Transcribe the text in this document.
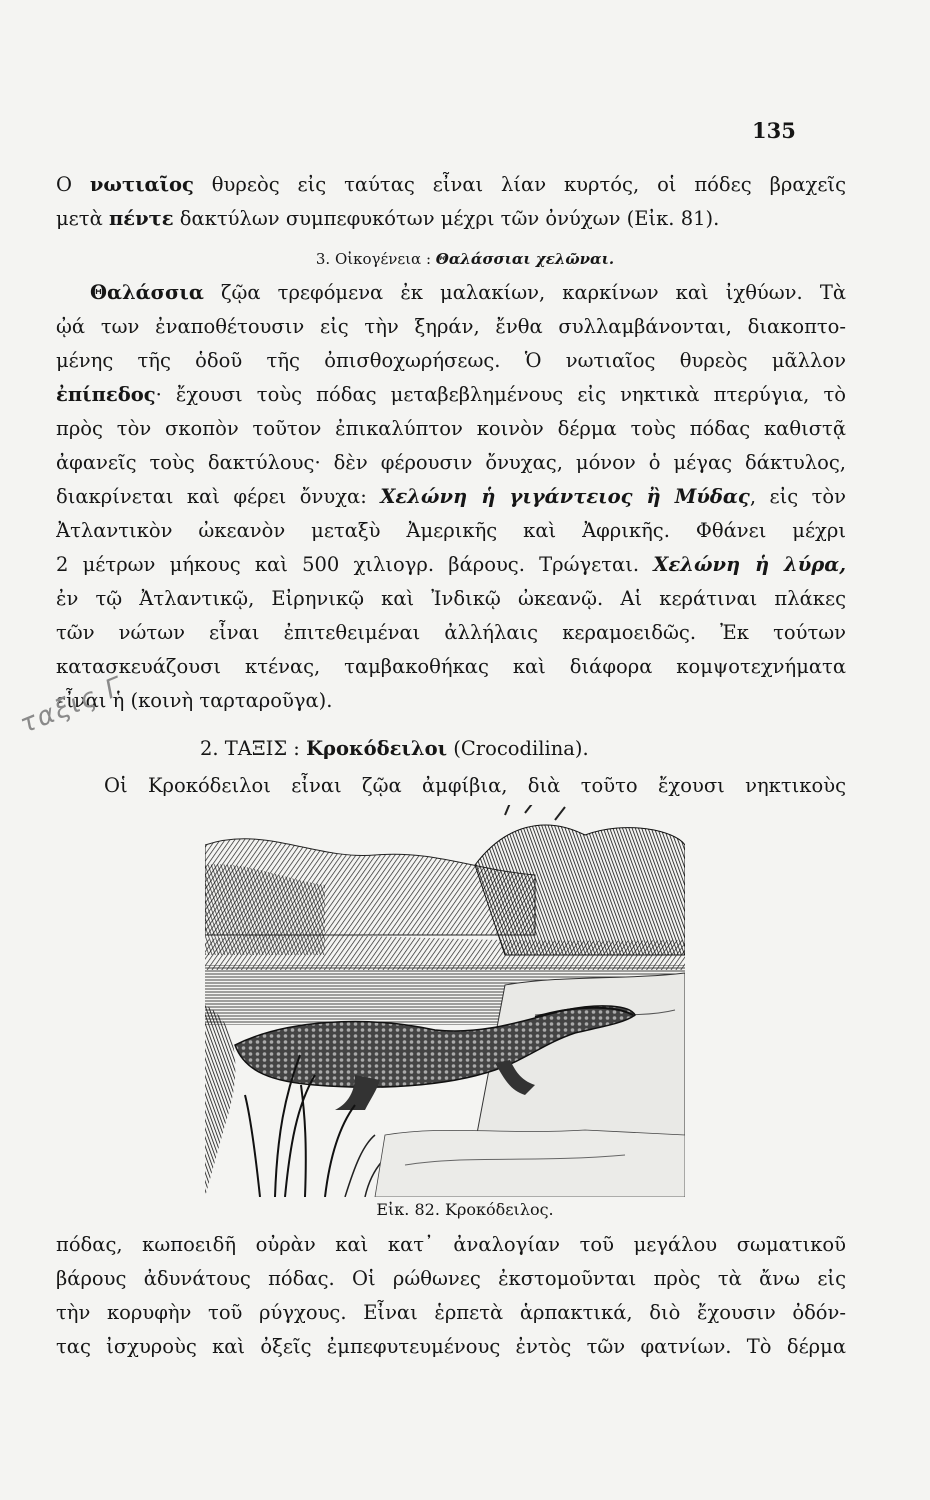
135
Ο νωτιαῖος θυρεὸς εἰς ταύτας εἶναι λίαν κυρτός, οἱ πόδες βραχεῖς
μετὰ πέντε δακτύλων συμπεφυκότων μέχρι τῶν ὀνύχων (Εἰκ. 81).
3. Οἰκογένεια : Θαλάσσιαι χελῶναι.
Θαλάσσια ζῷα τρεφόμενα ἐκ μαλακίων, καρκίνων καὶ ἰχθύων. Τὰ
ᾠά των ἐναποθέτουσιν εἰς τὴν ξηράν, ἔνθα συλλαμβάνονται, διακοπτο-
μένης τῆς ὁδοῦ τῆς ὀπισθοχωρήσεως. Ὁ νωτιαῖος θυρεὸς μᾶλλον
ἐπίπεδος· ἔχουσι τοὺς πόδας μεταβεβλημένους εἰς νηκτικὰ πτερύγια, τὸ
πρὸς τὸν σκοπὸν τοῦτον ἐπικαλύπτον κοινὸν δέρμα τοὺς πόδας καθιστᾷ
ἀφανεῖς τοὺς δακτύλους· δὲν φέρουσιν ὄνυχας, μόνον ὁ μέγας δάκτυλος,
διακρίνεται καὶ φέρει ὄνυχα: Χελώνη ἡ γιγάντειος ἢ Μύδας, εἰς τὸν
Ἀτλαντικὸν ὠκεανὸν μεταξὺ Ἀμερικῆς καὶ Ἀφρικῆς. Φθάνει μέχρι
2 μέτρων μήκους καὶ 500 χιλιογρ. βάρους. Τρώγεται. Χελώνη ἡ λύρα,
ἐν τῷ Ἀτλαντικῷ, Εἰρηνικῷ καὶ Ἰνδικῷ ὠκεανῷ. Αἱ κεράτιναι πλάκες
τῶν νώτων εἶναι ἐπιτεθειμέναι ἀλλήλαις κεραμοειδῶς. Ἐκ τούτων
κατασκευάζουσι κτένας, ταμβακοθήκας καὶ διάφορα κομψοτεχνήματα
εἶναι ἡ (κοινὴ ταρταροῦγα).
ταξις Γ
2. ΤΑΞΙΣ : Κροκόδειλοι (Crocodilina).
Οἱ Κροκόδειλοι εἶναι ζῷα ἀμφίβια, διὰ τοῦτο ἔχουσι νηκτικοὺς
Εἰκ. 82. Κροκόδειλος.
πόδας, κωποειδῆ οὐρὰν καὶ κατ᾽ ἀναλογίαν τοῦ μεγάλου σωματικοῦ
βάρους ἀδυνάτους πόδας. Οἱ ρώθωνες ἐκστομοῦνται πρὸς τὰ ἄνω εἰς
τὴν κορυφὴν τοῦ ρύγχους. Εἶναι ἑρπετὰ ἁρπακτικά, διὸ ἔχουσιν ὀδόν-
τας ἰσχυροὺς καὶ ὀξεῖς ἐμπεφυτευμένους ἐντὸς τῶν φατνίων. Τὸ δέρμα
